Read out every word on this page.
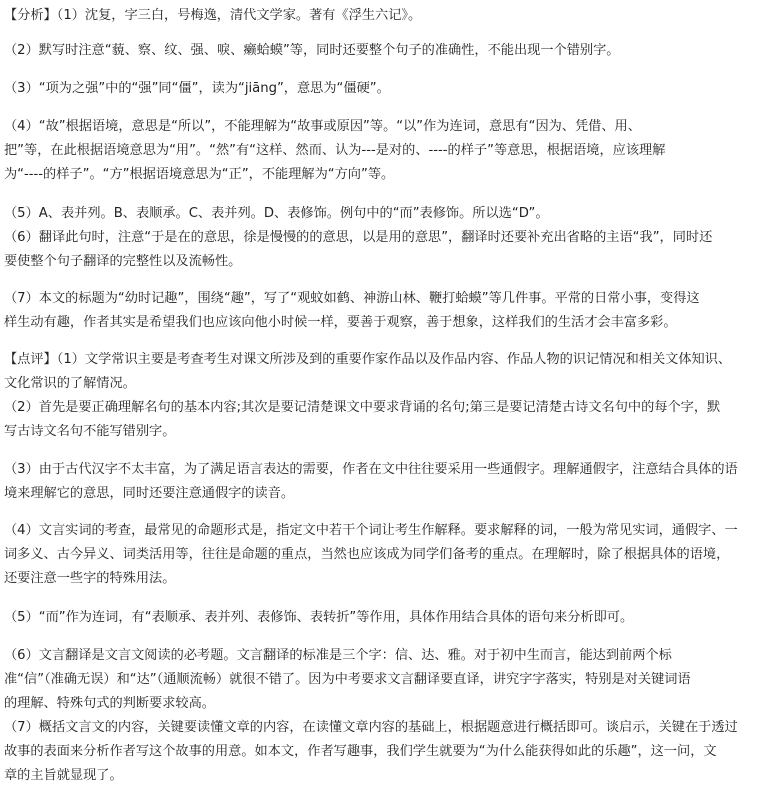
【分析】（1）沈复，字三白，号梅逸，清代文学家。著有《浮生六记》。
（2）默写时注意“藐、察、纹、强、唳、癞蛤蟆”等，同时还要整个句子的准确性，不能出现一个错别字。
（3）“项为之强”中的“强”同“僵”，读为“jiāng”，意思为“僵硬”。
（4）“故”根据语境，意思是“所以”，不能理解为“故事或原因”等。“以”作为连词，意思有“因为、凭借、用、
把”等，在此根据语境意思为“用”。“然”有“这样、然而、认为---是对的、----的样子”等意思，根据语境，应该理解
为“----的样子”。“方”根据语境意思为“正”，不能理解为“方向”等。
（5）A、表并列。B、表顺承。C、表并列。D、表修饰。例句中的“而”表修饰。所以选“D”。
（6）翻译此句时，注意“于是在的意思，徐是慢慢的的意思，以是用的意思”，翻译时还要补充出省略的主语“我”，同时还
要使整个句子翻译的完整性以及流畅性。
（7）本文的标题为“幼时记趣”，围绕“趣”，写了“观蚊如鹤、神游山林、鞭打蛤蟆”等几件事。平常的日常小事，变得这
样生动有趣，作者其实是希望我们也应该向他小时候一样，要善于观察，善于想象，这样我们的生活才会丰富多彩。
【点评】（1）文学常识主要是考查考生对课文所涉及到的重要作家作品以及作品内容、作品人物的识记情况和相关文体知识、
文化常识的了解情况。
（2）首先是要正确理解名句的基本内容;其次是要记清楚课文中要求背诵的名句;第三是要记清楚古诗文名句中的每个字，默
写古诗文名句不能写错别字。
（3）由于古代汉字不太丰富，为了满足语言表达的需要，作者在文中往往要采用一些通假字。理解通假字，注意结合具体的语
境来理解它的意思，同时还要注意通假字的读音。
（4）文言实词的考查，最常见的命题形式是，指定文中若干个词让考生作解释。要求解释的词，一般为常见实词，通假字、一
词多义、古今异义、词类活用等，往往是命题的重点，当然也应该成为同学们备考的重点。在理解时，除了根据具体的语境，
还要注意一些字的特殊用法。
（5）“而”作为连词，有“表顺承、表并列、表修饰、表转折”等作用，具体作用结合具体的语句来分析即可。
（6）文言翻译是文言文阅读的必考题。文言翻译的标准是三个字：信、达、雅。对于初中生而言，能达到前两个标
准“信”（准确无误）和“达”（通顺流畅）就很不错了。因为中考要求文言翻译要直译，讲究字字落实，特别是对关键词语
的理解、特殊句式的判断要求较高。
（7）概括文言文的内容，关键要读懂文章的内容，在读懂文章内容的基础上，根据题意进行概括即可。谈启示，关键在于透过
故事的表面来分析作者写这个故事的用意。如本文，作者写趣事，我们学生就要为“为什么能获得如此的乐趣”，这一问，文
章的主旨就显现了。
